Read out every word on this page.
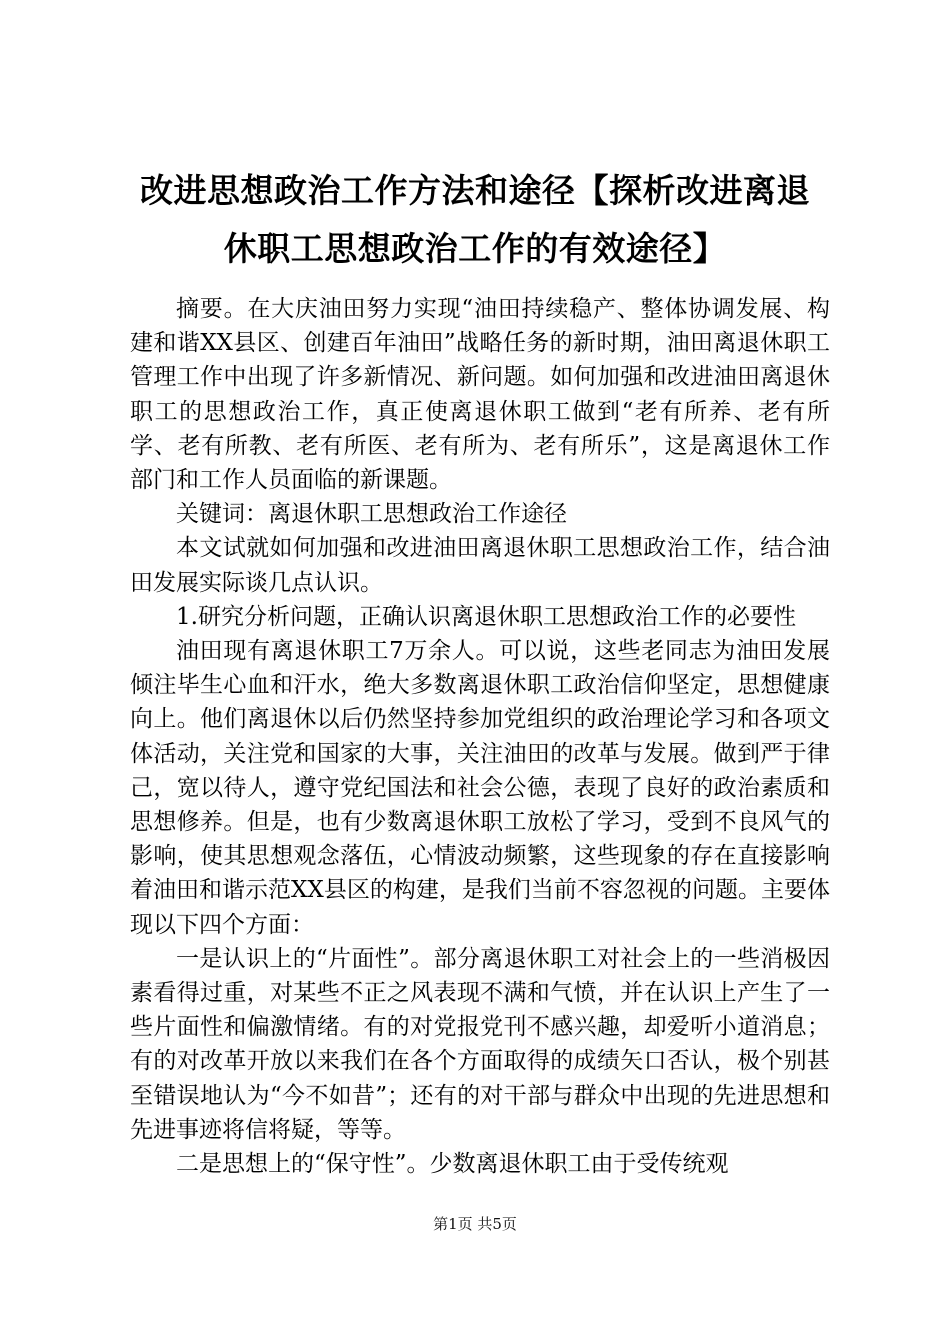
改进思想政治工作方法和途径【探析改进离退
休职工思想政治工作的有效途径】

摘要。在大庆油田努力实现“油田持续稳产、整体协调发展、构建和谐XX县区、创建百年油田”战略任务的新时期，油田离退休职工管理工作中出现了许多新情况、新问题。如何加强和改进油田离退休职工的思想政治工作，真正使离退休职工做到“老有所养、老有所学、老有所教、老有所医、老有所为、老有所乐”，这是离退休工作部门和工作人员面临的新课题。

关键词：离退休职工思想政治工作途径

本文试就如何加强和改进油田离退休职工思想政治工作，结合油田发展实际谈几点认识。

1.研究分析问题，正确认识离退休职工思想政治工作的必要性

油田现有离退休职工7万余人。可以说，这些老同志为油田发展倾注毕生心血和汗水，绝大多数离退休职工政治信仰坚定，思想健康向上。他们离退休以后仍然坚持参加党组织的政治理论学习和各项文体活动，关注党和国家的大事，关注油田的改革与发展。做到严于律己，宽以待人，遵守党纪国法和社会公德，表现了良好的政治素质和思想修养。但是，也有少数离退休职工放松了学习，受到不良风气的影响，使其思想观念落伍，心情波动频繁，这些现象的存在直接影响着油田和谐示范XX县区的构建，是我们当前不容忽视的问题。主要体现以下四个方面：

一是认识上的“片面性”。部分离退休职工对社会上的一些消极因素看得过重，对某些不正之风表现不满和气愤，并在认识上产生了一些片面性和偏激情绪。有的对党报党刊不感兴趣，却爱听小道消息；有的对改革开放以来我们在各个方面取得的成绩矢口否认，极个别甚至错误地认为“今不如昔”；还有的对干部与群众中出现的先进思想和先进事迹将信将疑，等等。

二是思想上的“保守性”。少数离退休职工由于受传统观

第1页 共5页
